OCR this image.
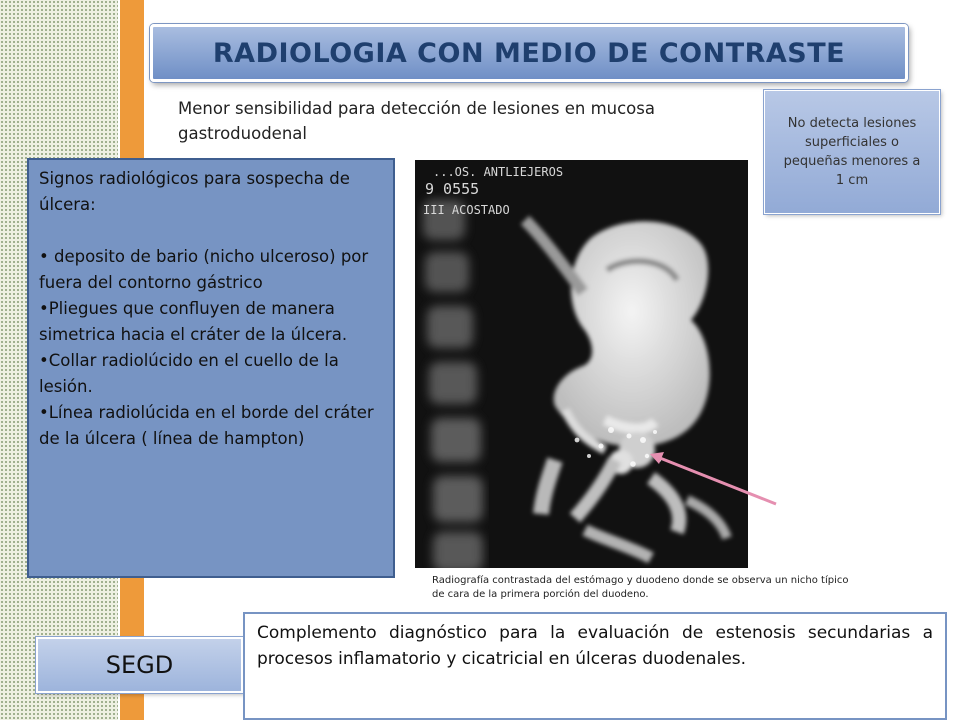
RADIOLOGIA CON MEDIO DE CONTRASTE
Menor sensibilidad para detección de lesiones en mucosa gastroduodenal
No detecta lesiones superficiales o pequeñas menores a 1 cm

Signos radiológicos para sospecha de úlcera:

• deposito de bario (nicho ulceroso) por fuera del contorno gástrico
•Pliegues que confluyen de manera simetrica hacia el cráter de la úlcera.
•Collar radiolúcido en el cuello de la lesión.
•Línea radiolúcida en el borde del cráter de la úlcera ( línea de hampton)
...OS. ANTLIEJEROS
9 0555
III ACOSTADO
Radiografía contrastada del estómago y duodeno donde se observa un nicho típico de cara de la primera porción del duodeno.
SEGD
Complemento diagnóstico para la evaluación de estenosis secundarias a procesos inflamatorio y cicatricial en úlceras duodenales.
